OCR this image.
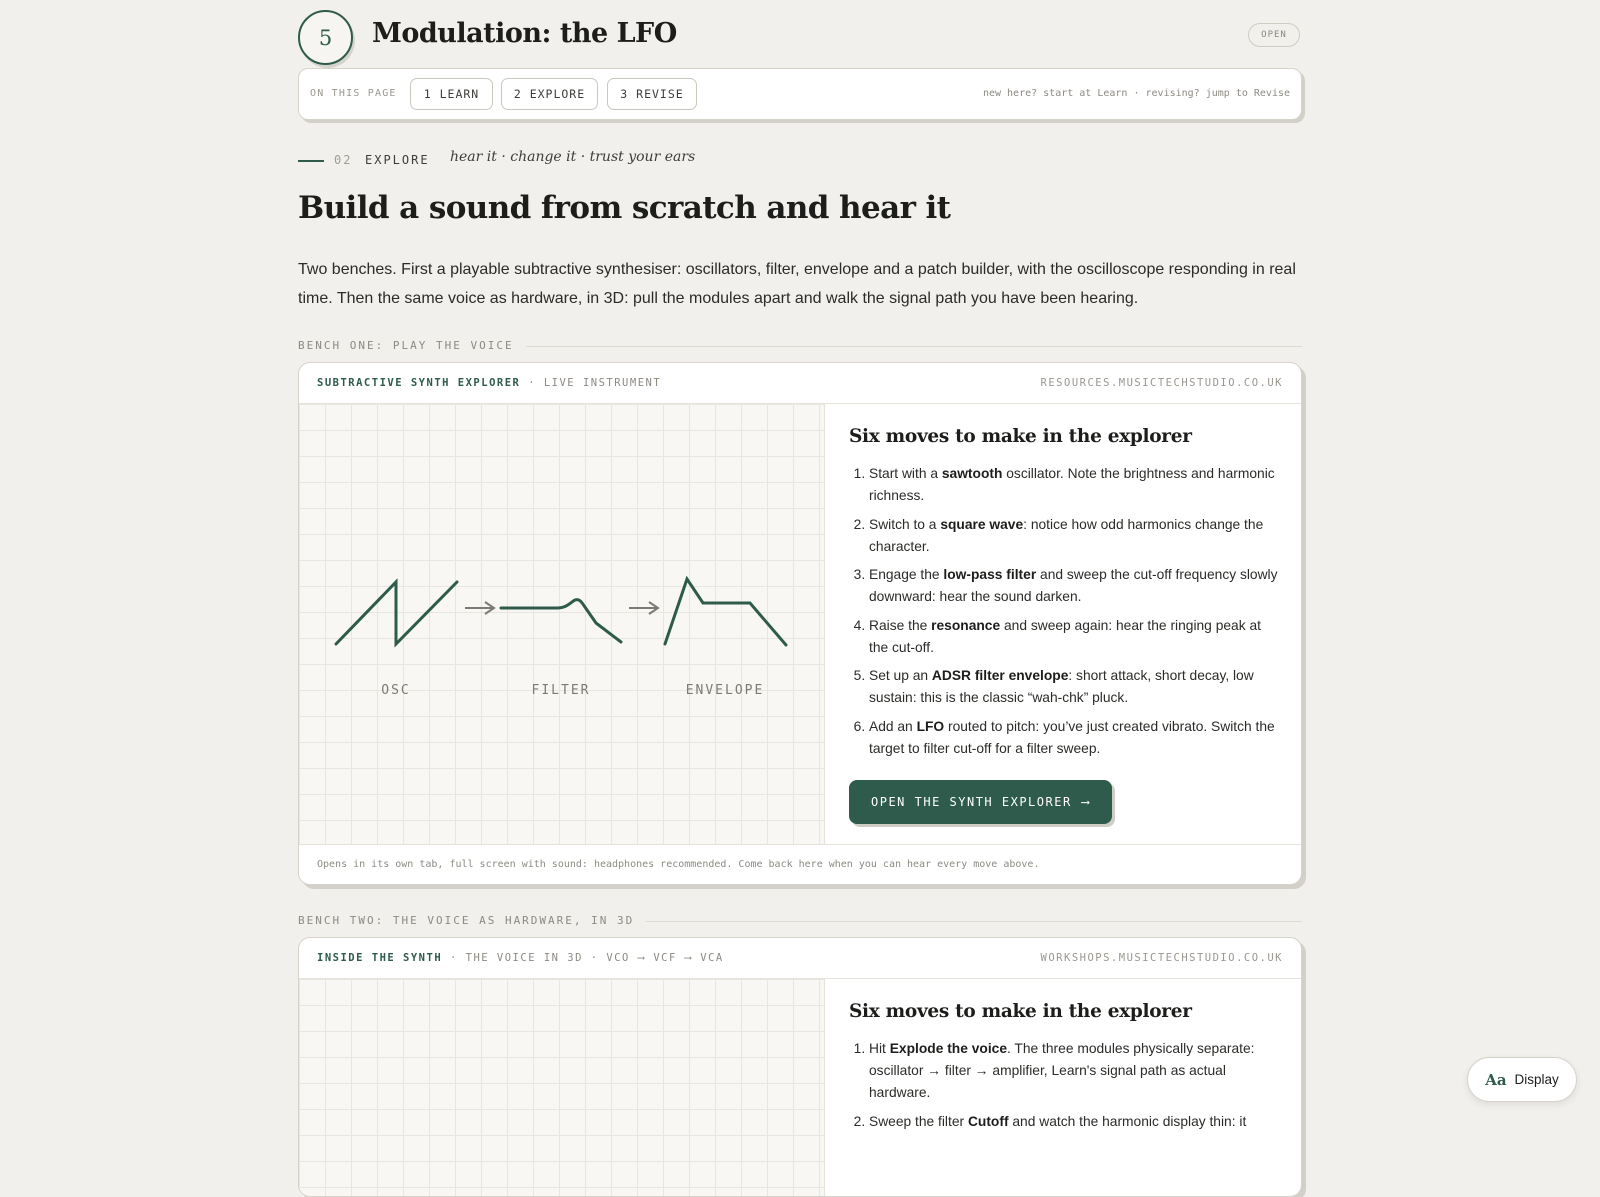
5	Modulation: the LFO	OPEN
ON THIS PAGE	1 LEARN	2 EXPLORE	3 REVISE	new here? start at Learn · revising? jump to Revise
02 EXPLORE hear it · change it · trust your ears
Build a sound from scratch and hear it
Two benches. First a playable subtractive synthesiser: oscillators, filter, envelope and a patch builder, with the oscilloscope responding in real time. Then the same voice as hardware, in 3D: pull the modules apart and walk the signal path you have been hearing.
BENCH ONE: PLAY THE VOICE
SUBTRACTIVE SYNTH EXPLORER · LIVE INSTRUMENT	RESOURCES.MUSICTECHSTUDIO.CO.UK
OSC	FILTER	ENVELOPE
Six moves to make in the explorer
1. Start with a sawtooth oscillator. Note the brightness and harmonic richness.
2. Switch to a square wave: notice how odd harmonics change the character.
3. Engage the low-pass filter and sweep the cut-off frequency slowly downward: hear the sound darken.
4. Raise the resonance and sweep again: hear the ringing peak at the cut-off.
5. Set up an ADSR filter envelope: short attack, short decay, low sustain: this is the classic “wah-chk” pluck.
6. Add an LFO routed to pitch: you’ve just created vibrato. Switch the target to filter cut-off for a filter sweep.
OPEN THE SYNTH EXPLORER ⟶
Opens in its own tab, full screen with sound: headphones recommended. Come back here when you can hear every move above.
BENCH TWO: THE VOICE AS HARDWARE, IN 3D
INSIDE THE SYNTH · THE VOICE IN 3D · VCO ⟶ VCF ⟶ VCA	WORKSHOPS.MUSICTECHSTUDIO.CO.UK
Six moves to make in the explorer
1. Hit Explode the voice. The three modules physically separate: oscillator → filter → amplifier, Learn's signal path as actual hardware.
2. Sweep the filter Cutoff and watch the harmonic display thin: it
Aa Display
